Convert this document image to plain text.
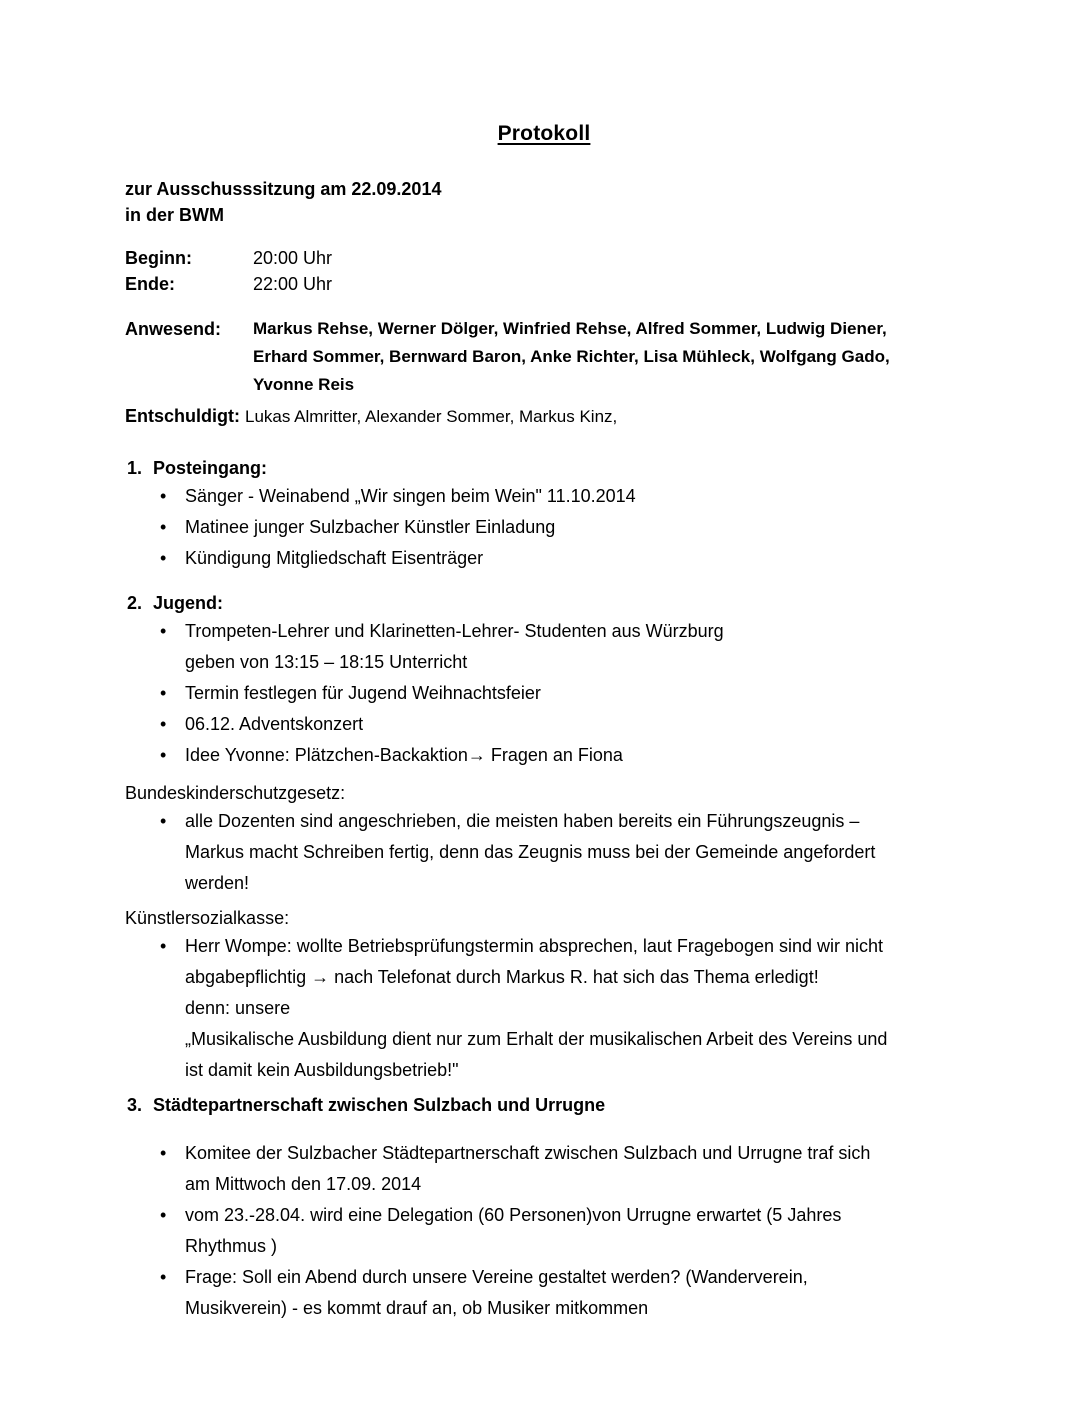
Protokoll
zur Ausschusssitzung am 22.09.2014
in der BWM
Beginn:	20:00 Uhr
Ende:	22:00 Uhr
Anwesend: Markus Rehse, Werner Dölger, Winfried Rehse, Alfred Sommer, Ludwig Diener,
Erhard Sommer, Bernward Baron, Anke Richter, Lisa Mühleck, Wolfgang Gado,
Yvonne Reis
Entschuldigt: Lukas Almritter, Alexander Sommer, Markus Kinz,
1. Posteingang:
•	Sänger - Weinabend „Wir singen beim Wein" 11.10.2014
•	Matinee junger Sulzbacher Künstler Einladung
•	Kündigung Mitgliedschaft Eisenträger
2. Jugend:
•	Trompeten-Lehrer und Klarinetten-Lehrer- Studenten aus Würzburg
geben von 13:15 – 18:15 Unterricht
•	Termin festlegen für Jugend Weihnachtsfeier
•	06.12. Adventskonzert
•	Idee Yvonne: Plätzchen-Backaktion→ Fragen an Fiona
Bundeskinderschutzgesetz:
•	alle Dozenten sind angeschrieben, die meisten haben bereits ein Führungszeugnis –
Markus macht Schreiben fertig, denn das Zeugnis muss bei der Gemeinde angefordert
werden!
Künstlersozialkasse:
•	Herr Wompe: wollte Betriebsprüfungstermin absprechen, laut Fragebogen sind wir nicht
abgabepflichtig → nach Telefonat durch Markus R. hat sich das Thema erledigt!
denn: unsere
„Musikalische Ausbildung dient nur zum Erhalt der musikalischen Arbeit des Vereins und
ist damit kein Ausbildungsbetrieb!"
3. Städtepartnerschaft zwischen Sulzbach und Urrugne
•	Komitee der Sulzbacher Städtepartnerschaft zwischen Sulzbach und Urrugne traf sich
am Mittwoch den 17.09. 2014
•	vom 23.-28.04. wird eine Delegation (60 Personen)von Urrugne erwartet (5 Jahres
Rhythmus )
•	Frage: Soll ein Abend durch unsere Vereine gestaltet werden? (Wanderverein,
Musikverein) - es kommt drauf an, ob Musiker mitkommen
